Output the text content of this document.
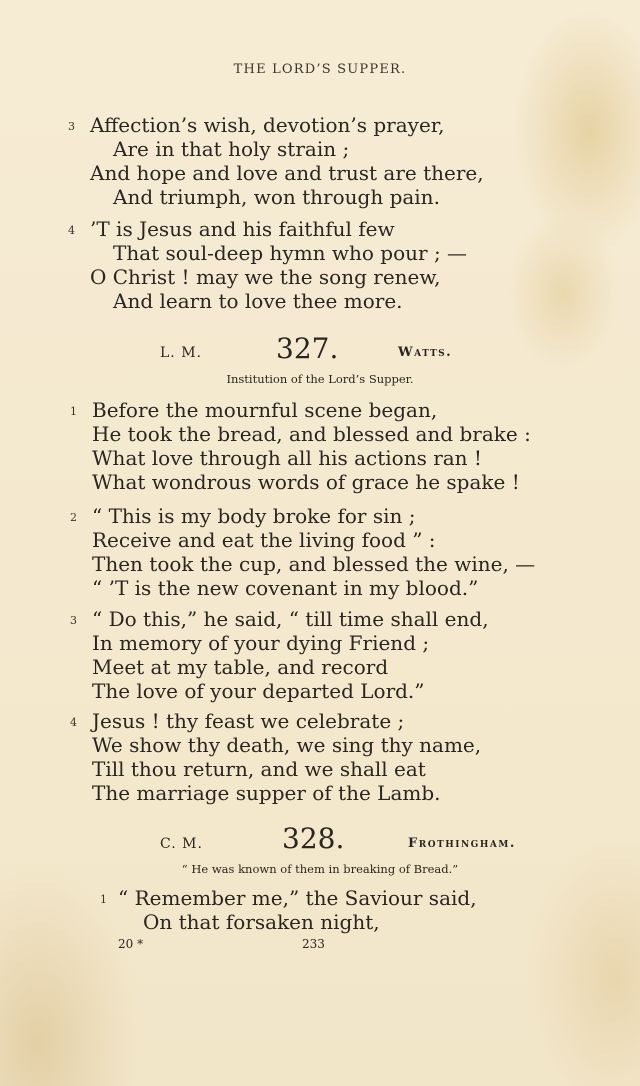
THE LORD’S SUPPER.
3 Affection’s wish, devotion’s prayer,
Are in that holy strain ;
And hope and love and trust are there,
And triumph, won through pain.
4 ’T is Jesus and his faithful few
That soul-deep hymn who pour ; —
O Christ ! may we the song renew,
And learn to love thee more.
L. M.	327.	Watts.
Institution of the Lord’s Supper.
1 Before the mournful scene began,
He took the bread, and blessed and brake :
What love through all his actions ran !
What wondrous words of grace he spake !
2 “ This is my body broke for sin ;
Receive and eat the living food ” :
Then took the cup, and blessed the wine, —
“ ’T is the new covenant in my blood.”
3 “ Do this,” he said, “ till time shall end,
In memory of your dying Friend ;
Meet at my table, and record
The love of your departed Lord.”
4 Jesus ! thy feast we celebrate ;
We show thy death, we sing thy name,
Till thou return, and we shall eat
The marriage supper of the Lamb.
C. M.	328.	Frothingham.
“ He was known of them in breaking of Bread.”
1 “ Remember me,” the Saviour said,
On that forsaken night,
20 *	233
